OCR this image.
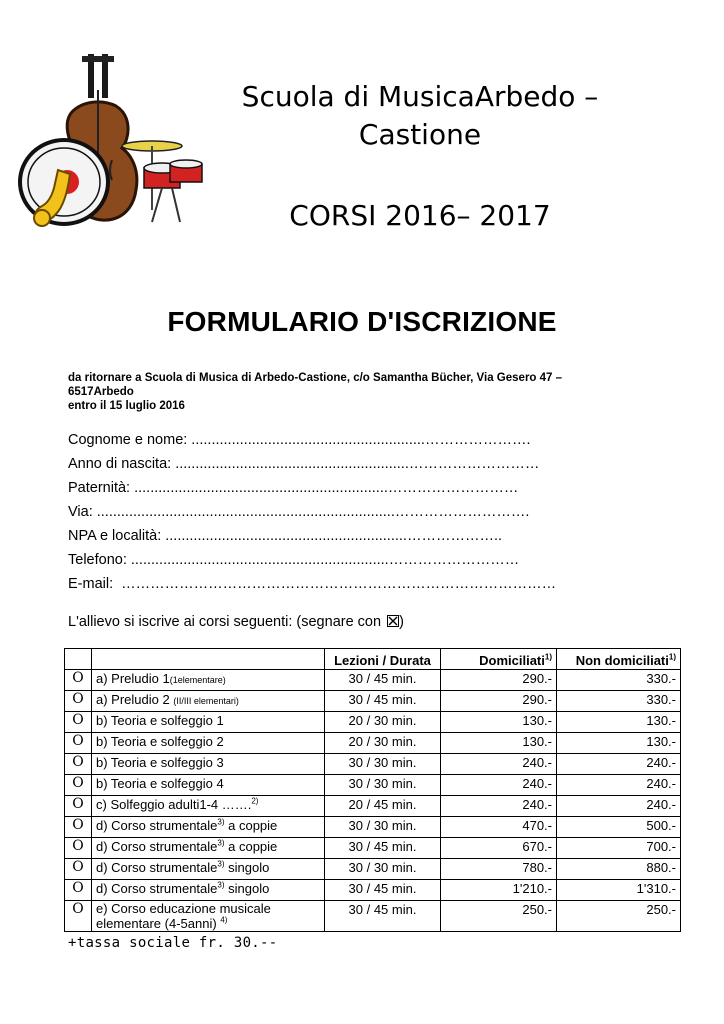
Scuola di MusicaArbedo –
Castione
CORSI 2016– 2017
FORMULARIO D'ISCRIZIONE
da ritornare a Scuola di Musica di Arbedo-Castione, c/o Samantha Bücher, Via Gesero 47 –
6517Arbedo
entro il 15 luglio 2016
Cognome e nome: ..........................................................………………….
Anno di nascita: ..........................................................………………………
Paternità: ...............................................................………………………
Via: ..........................................................................……………………….
NPA e località: ............................................................………………..
Telefono: ................................................................………………………
E-mail: ………………………………………………………………………………
L'allievo si iscrive ai corsi seguenti: (segnare con )
		Lezioni / Durata	Domiciliati$^{1)}$	Non domiciliati$^{1)}$
O	a) Preludio 1(1elementare)	30 / 45 min.	290.-	330.-
O	a) Preludio 2 (II/III elementari)	30 / 45 min.	290.-	330.-
O	b) Teoria e solfeggio 1	20 / 30 min.	130.-	130.-
O	b) Teoria e solfeggio 2	20 / 30 min.	130.-	130.-
O	b) Teoria e solfeggio 3	30 / 30 min.	240.-	240.-
O	b) Teoria e solfeggio 4	30 / 30 min.	240.-	240.-
O	c) Solfeggio adulti1-4 …….$^{2)}$	20 / 45 min.	240.-	240.-
O	d) Corso strumentale$^{3)}$ a coppie	30 / 30 min.	470.-	500.-
O	d) Corso strumentale$^{3)}$ a coppie	30 / 45 min.	670.-	700.-
O	d) Corso strumentale$^{3)}$ singolo	30 / 30 min.	780.-	880.-
O	d) Corso strumentale$^{3)}$ singolo	30 / 45 min.	1'210.-	1'310.-
O	e) Corso educazione musicale
elementare (4-5anni) $^{4)}$	30 / 45 min.	250.-	250.-
+tassa sociale fr. 30.--
